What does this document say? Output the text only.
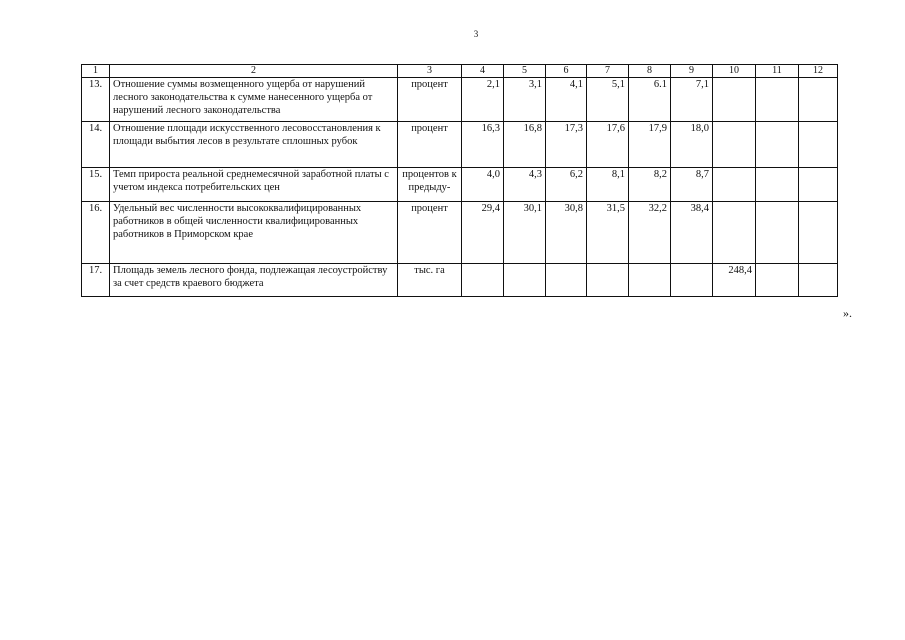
3
1	2	3	4	5	6	7	8	9	10	11	12
13.	Отношение суммы возмещенного ущерба от нарушений лесного законодательства к сумме нанесенного ущерба от нарушений лесного законодательства	процент	2,1	3,1	4,1	5,1	6.1	7,1			
14.	Отношение площади искусственного лесовосстановления к площади выбытия лесов в результате сплошных рубок	процент	16,3	16,8	17,3	17,6	17,9	18,0			
15.	Темп прироста реальной среднемесячной заработной платы с учетом индекса потребительских цен	процентов к предыду-	4,0	4,3	6,2	8,1	8,2	8,7			
16.	Удельный вес численности высококвалифицированных работников в общей численности квалифицированных работников в Приморском крае	процент	29,4	30,1	30,8	31,5	32,2	38,4			
17.	Площадь земель лесного фонда, подлежащая лесоустройству за счет средств краевого бюджета	тыс. га							248,4		
».
